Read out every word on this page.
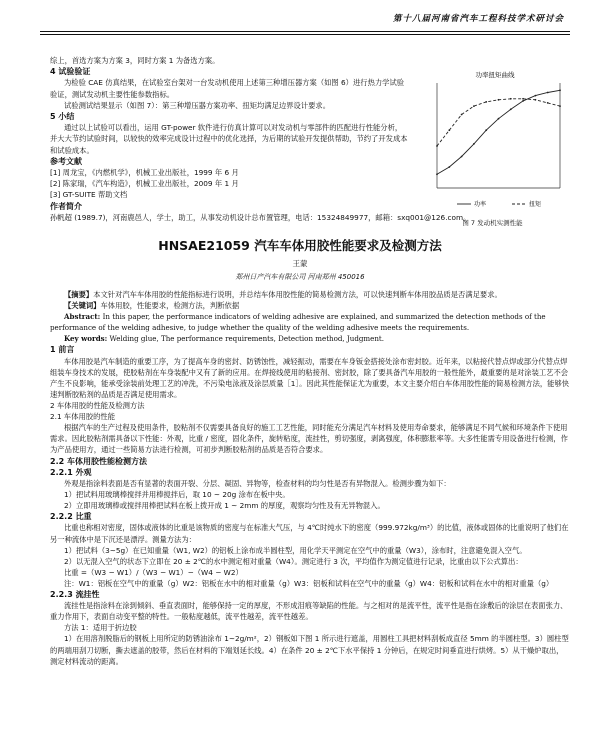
第十八届河南省汽车工程科技学术研讨会

综上，首选方案为方案 3，同时方案 1 为备选方案。

4 试验验证

为检验 CAE 仿真结果，在试验室台架对一台发动机使用上述第三种增压器方案（如图 6）进行热力学试验验证，测试发动机主要性能参数指标。

试验测试结果显示（如图 7）：第三种增压器方案功率、扭矩均满足边界设计要求。

5 小结

通过以上试验可以看出，运用 GT-power 软件进行仿真计算可以对发动机与零部件的匹配进行性能分析，并大大节约试验时间，以较快的效率完成设计过程中的优化选择，为后期的试验开发提供帮助，节约了开发成本和试验成本。

参考文献

[1] 周龙宝，《内燃机学》，机械工业出版社，1999 年 6 月

[2] 陈家瑞，《汽车构造》，机械工业出版社，2009 年 1 月

[3] GT-SUITE 帮助文档

作者简介

孙帆超 (1989.7)，河南鹿邑人，学士，助工，从事发动机设计总布置管理，电话：15324849977，邮箱：sxq001@126.com。

功率扭矩曲线
功率	扭矩
图 7 发动机实测性能
HNSAE21059 汽车车体用胶性能要求及检测方法
王蒙
郑州日产汽车有限公司 河南郑州 450016

【摘要】本文针对汽车车体用胶的性能指标进行说明，并总结车体用胶性能的简易检测方法，可以快速判断车体用胶品质是否满足要求。

【关键词】车体用胶，性能要求，检测方法，判断依据

Abstract: In this paper, the performance indicators of welding adhesive are explained, and summarized the detection methods of the performance of the welding adhesive, to judge whether the quality of the welding adhesive meets the requirements.

Key words: Welding glue, The performance requirements, Detection method, Judgment.

1 前言

车体用胶是汽车制造的重要工序，为了提高车身的密封、防锈蚀性，减轻振动，需要在车身钣金搭接处涂布密封胶。近年来，以粘接代替点焊或部分代替点焊组装车身技术的发展，使胶粘剂在车身装配中又有了新的应用。在焊接线使用的粘接剂、密封胶，除了要具备汽车用胶的一般性能外，最重要的是对涂装工艺不会产生不良影响，能承受涂装前处理工艺的冲洗，不污染电泳液及涂层质量［1］。因此其性能保证尤为重要，本文主要介绍白车体用胶性能的简易检测方法，能够快速判断胶粘剂的品质是否满足使用需求。

2 车体用胶的性能及检测方法

2.1 车体用胶的性能

根据汽车的生产过程及使用条件，胶粘剂不仅需要具备良好的施工工艺性能，同时能充分满足汽车材料及使用寿命要求，能够满足不同气候和环境条件下使用需求。因此胶粘剂需具备以下性能：外观，比重 / 密度，固化条件，旋转粘度，流挂性，剪切强度，剥离强度，体积膨胀率等。大多性能需专用设备进行检测，作为产品使用方，通过一些简易方法进行检测，可初步判断胶粘剂的品质是否符合要求。

2.2 车体用胶性能检测方法
2.2.1 外观

外观是指涂料表面是否有显著的表面开裂、分层、凝固、异物等，检查材料的均匀性是否有异物混入。检测步骤为如下：

1）把试料用玻璃棒搅拌并用棒搅拌后，取 10 ~ 20g 涂布在板中央。

2）立即用玻璃棒或搅拌用棒把试料在板上拨开成 1 ~ 2mm 的厚度，观察均匀性及有无异物混入。

2.2.2 比重

比重也称相对密度，固体或液体的比重是该物质的密度与在标准大气压，与 4℃时纯水下的密度（999.972kg/m³）的比值，液体或固体的比重说明了他们在另一种流体中是下沉还是漂浮。测量方法为：

1）把试料（3~5g）在已知重量（W1, W2）的铝板上涂布成半圆柱型，用化学天平测定在空气中的重量（W3），涂布时，注意避免混入空气。

2）以无混入空气的状态下立即在 20 ± 2℃的水中测定相对重量（W4）。测定进行 3 次，平均值作为测定值进行记录，比重由以下公式算出：

比重 =（W3 − W1）/（W3 − W1）−（W4 − W2）

注：W1：铝板在空气中的重量（g）W2：铝板在水中的相对重量（g）W3：铝板和试料在空气中的重量（g）W4：铝板和试料在水中的相对重量（g）

2.2.3 流挂性

流挂性是指涂料在涂到倾斜、垂直表面时，能够保持一定的厚度，不形成泪痕等缺陷的性能。与之相对的是流平性，流平性是指在涂敷后的涂层在表面张力、重力作用下，表面自动变平整的特性。一般粘度越低，流平性越差，流平性越差。

方法 1：适用于折边胶

1）在用溶剂脱脂后的钢板上用所定的防锈油涂布 1~2g/m²，2）钢板如下图 1 所示进行遮盖，用圆柱工具把材料刮板成直径 5mm 的半圆柱型。3）圆柱型的两端用刮刀切断，撕去遮盖的胶带，然后在材料的下端划延长线。4）在条件 20 ± 2℃下水平保持 1 分钟后，在规定时间垂直进行烘烤。5）从干燥炉取出，测定材料流动的距离。
